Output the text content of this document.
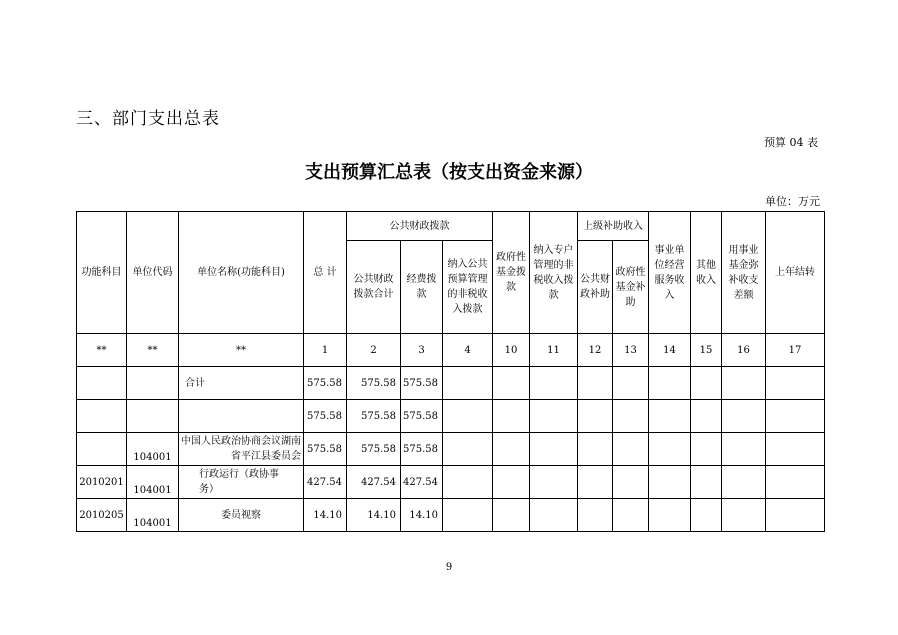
三、部门支出总表
预算 04 表
支出预算汇总表（按支出资金来源）
单位：万元
功能科目	单位代码	单位名称(功能科目)	总 计	公共财政拨款			政府性基金拨款	纳入专户管理的非税收入拨款	上级补助收入		事业单位经营服务收入	其他收入	用事业基金弥补收支差额	上年结转
				公共财政拨款合计	经费拨款	纳入公共预算管理的非税收入拨款			公共财政补助	政府性基金补助				
**	**	**	1	2	3	4	10	11	12	13	14	15	16	17
		合计	575.58	575.58	575.58									
			575.58	575.58	575.58									
	104001	中国人民政治协商会议湖南省平江县委员会	575.58	575.58	575.58									
2010201	104001	行政运行（政协事务）	427.54	427.54	427.54									
2010205	104001	委员视察	14.10	14.10	14.10									
9
